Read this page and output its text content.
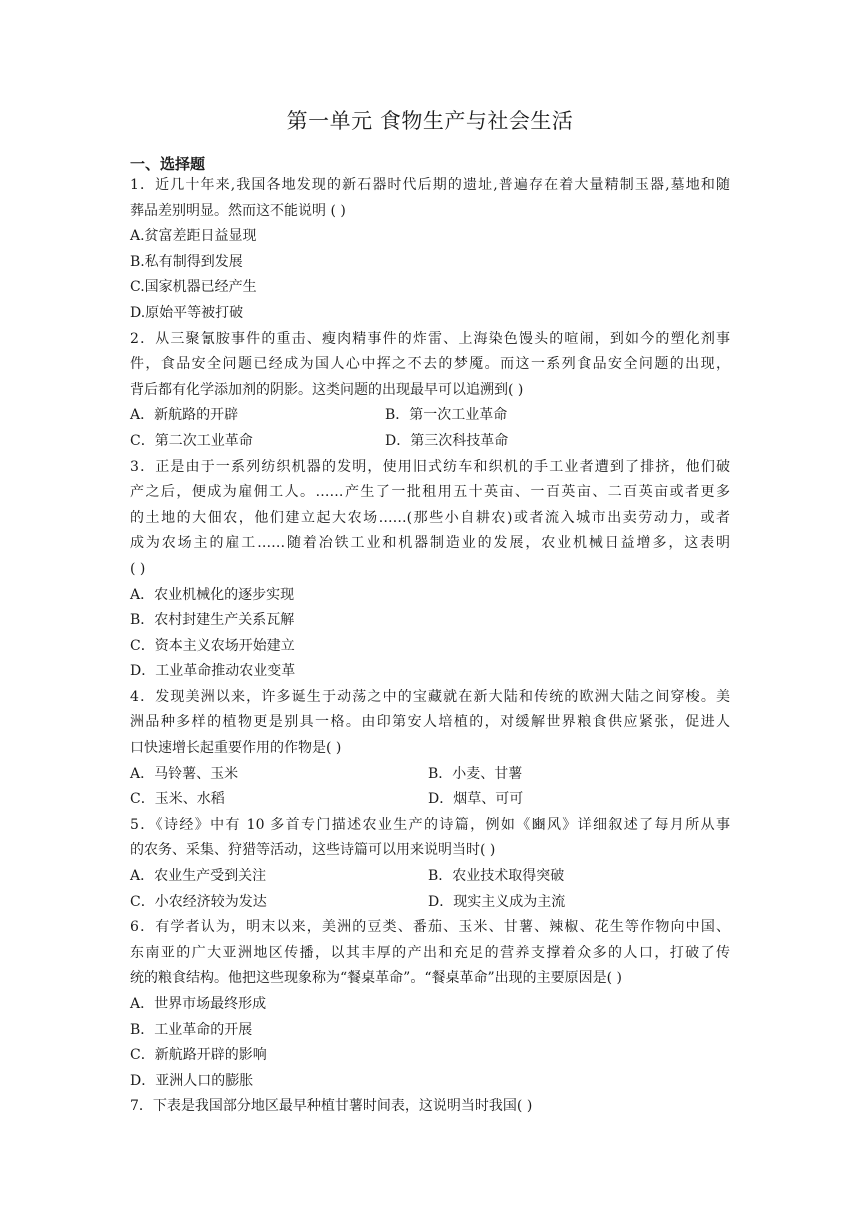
第一单元 食物生产与社会生活
一、选择题
1．近几十年来,我国各地发现的新石器时代后期的遗址,普遍存在着大量精制玉器,墓地和随
葬品差别明显。然而这不能说明 ( )
A.贫富差距日益显现
B.私有制得到发展
C.国家机器已经产生
D.原始平等被打破
2．从三聚氰胺事件的重击、瘦肉精事件的炸雷、上海染色馒头的喧闹，到如今的塑化剂事
件，食品安全问题已经成为国人心中挥之不去的梦魇。而这一系列食品安全问题的出现，
背后都有化学添加剂的阴影。这类问题的出现最早可以追溯到( )
A．新航路的开辟	B．第一次工业革命
C．第二次工业革命	D．第三次科技革命
3．正是由于一系列纺织机器的发明，使用旧式纺车和织机的手工业者遭到了排挤，他们破
产之后，便成为雇佣工人。……产生了一批租用五十英亩、一百英亩、二百英亩或者更多
的土地的大佃农，他们建立起大农场……(那些小自耕农)或者流入城市出卖劳动力，或者
成为农场主的雇工……随着冶铁工业和机器制造业的发展，农业机械日益增多，这表明
( )
A．农业机械化的逐步实现
B．农村封建生产关系瓦解
C．资本主义农场开始建立
D．工业革命推动农业变革
4．发现美洲以来，许多诞生于动荡之中的宝藏就在新大陆和传统的欧洲大陆之间穿梭。美
洲品种多样的植物更是别具一格。由印第安人培植的，对缓解世界粮食供应紧张，促进人
口快速增长起重要作用的作物是( )
A．马铃薯、玉米	B．小麦、甘薯
C．玉米、水稻	D．烟草、可可
5．《诗经》中有 10 多首专门描述农业生产的诗篇，例如《豳风》详细叙述了每月所从事
的农务、采集、狩猎等活动，这些诗篇可以用来说明当时( )
A．农业生产受到关注	B．农业技术取得突破
C．小农经济较为发达	D．现实主义成为主流
6．有学者认为，明末以来，美洲的豆类、番茄、玉米、甘薯、辣椒、花生等作物向中国、
东南亚的广大亚洲地区传播，以其丰厚的产出和充足的营养支撑着众多的人口，打破了传
统的粮食结构。他把这些现象称为“餐桌革命”。“餐桌革命”出现的主要原因是( )
A．世界市场最终形成
B．工业革命的开展
C．新航路开辟的影响
D．亚洲人口的膨胀
7．下表是我国部分地区最早种植甘薯时间表，这说明当时我国( )
